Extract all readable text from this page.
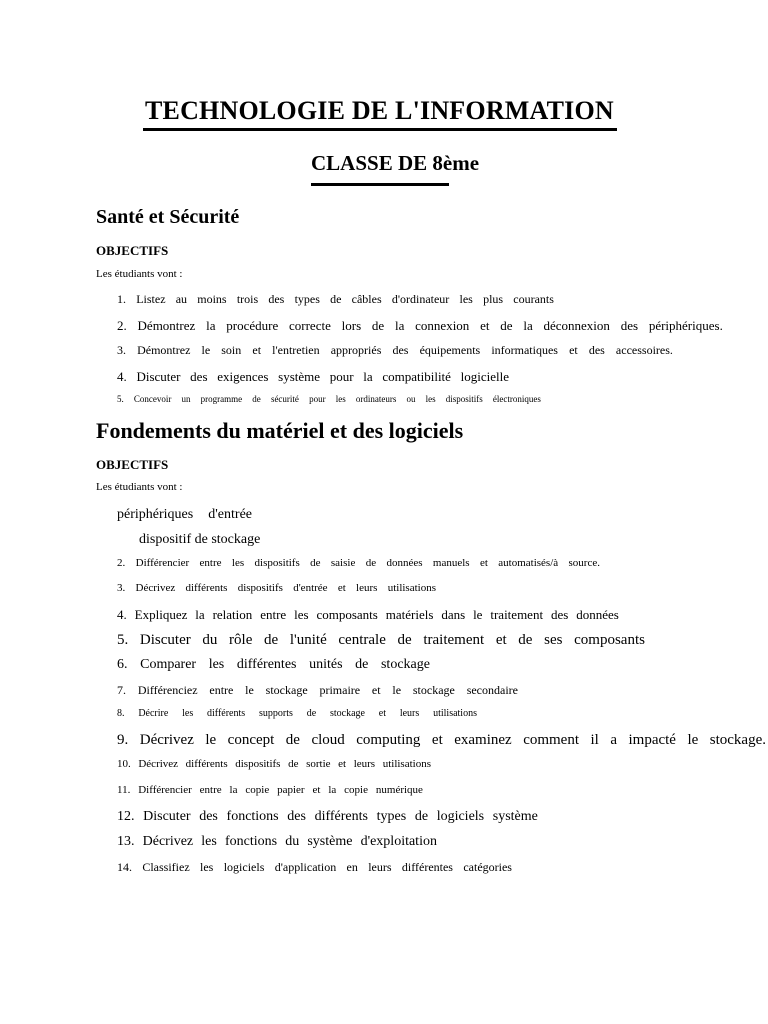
TECHNOLOGIE DE L'INFORMATION
CLASSE DE 8ème
Santé et Sécurité
OBJECTIFS
Les étudiants vont :
1. Listez au moins trois des types de câbles d'ordinateur les plus courants
2. Démontrez la procédure correcte lors de la connexion et de la déconnexion des périphériques.
3. Démontrez le soin et l'entretien appropriés des équipements informatiques et des accessoires.
4. Discuter des exigences système pour la compatibilité logicielle
5. Concevoir un programme de sécurité pour les ordinateurs ou les dispositifs électroniques
Fondements du matériel et des logiciels
OBJECTIFS
Les étudiants vont :
périphériques d'entrée
dispositif de stockage
2. Différencier entre les dispositifs de saisie de données manuels et automatisés/à source.
3. Décrivez différents dispositifs d'entrée et leurs utilisations
4. Expliquez la relation entre les composants matériels dans le traitement des données
5. Discuter du rôle de l'unité centrale de traitement et de ses composants
6. Comparer les différentes unités de stockage
7. Différenciez entre le stockage primaire et le stockage secondaire
8. Décrire les différents supports de stockage et leurs utilisations
9. Décrivez le concept de cloud computing et examinez comment il a impacté le stockage.
10. Décrivez différents dispositifs de sortie et leurs utilisations
11. Différencier entre la copie papier et la copie numérique
12. Discuter des fonctions des différents types de logiciels système
13. Décrivez les fonctions du système d'exploitation
14. Classifiez les logiciels d'application en leurs différentes catégories
